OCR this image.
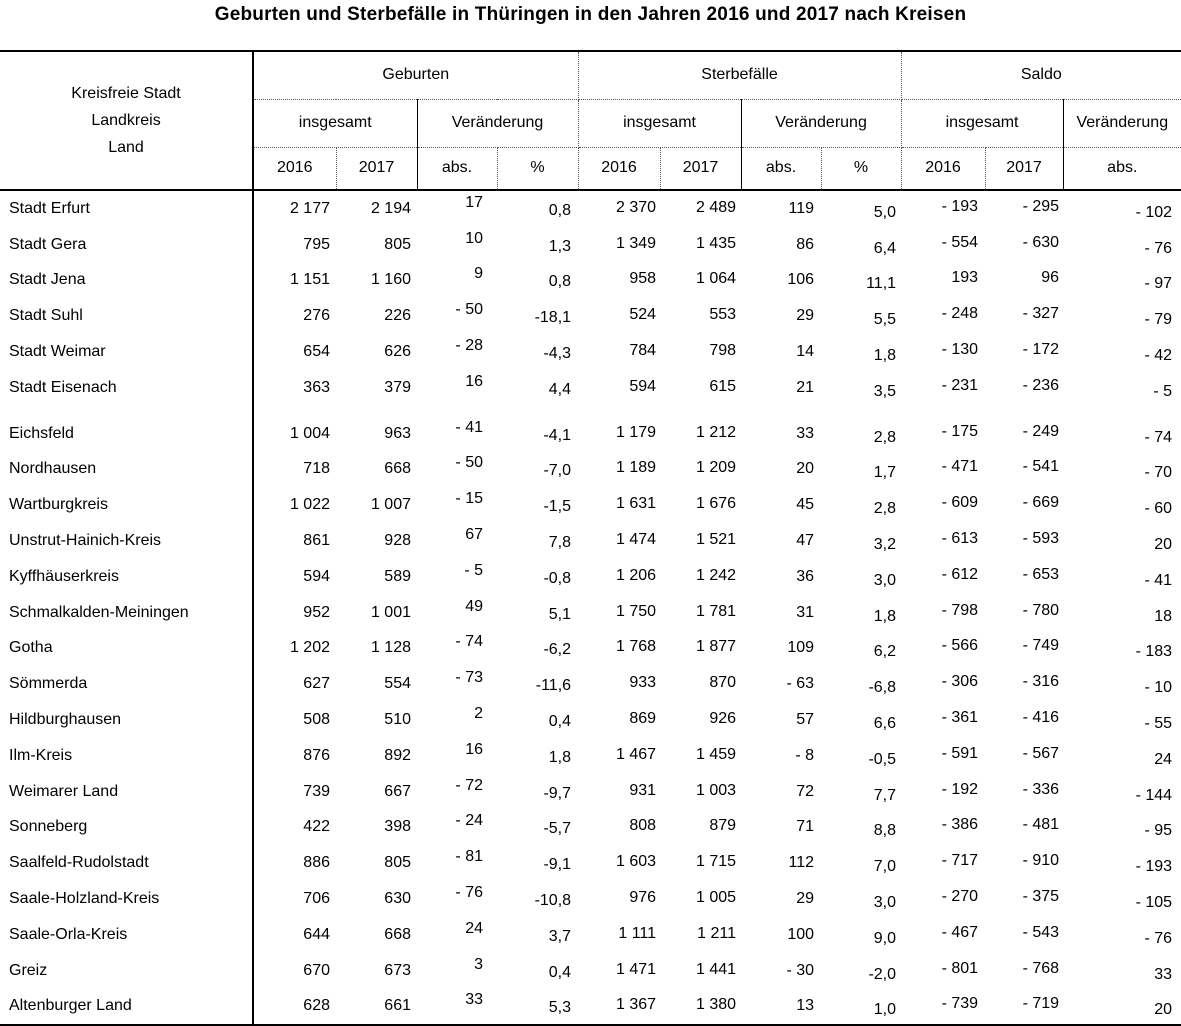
Geburten und Sterbefälle in Thüringen in den Jahren 2016 und 2017 nach Kreisen
Kreisfreie Stadt
Landkreis
Land	Geburten				Sterbefälle				Saldo		
	insgesamt		Veränderung		insgesamt		Veränderung		insgesamt		Veränderung
	2016	2017	abs.	%	2016	2017	abs.	%	2016	2017	abs.
Stadt Erfurt	2 177	2 194	17	0,8	2 370	2 489	119	5,0	- 193	- 295	- 102
Stadt Gera	795	805	10	1,3	1 349	1 435	86	6,4	- 554	- 630	- 76
Stadt Jena	1 151	1 160	9	0,8	958	1 064	106	11,1	193	96	- 97
Stadt Suhl	276	226	- 50	-18,1	524	553	29	5,5	- 248	- 327	- 79
Stadt Weimar	654	626	- 28	-4,3	784	798	14	1,8	- 130	- 172	- 42
Stadt Eisenach	363	379	16	4,4	594	615	21	3,5	- 231	- 236	- 5

Eichsfeld	1 004	963	- 41	-4,1	1 179	1 212	33	2,8	- 175	- 249	- 74
Nordhausen	718	668	- 50	-7,0	1 189	1 209	20	1,7	- 471	- 541	- 70
Wartburgkreis	1 022	1 007	- 15	-1,5	1 631	1 676	45	2,8	- 609	- 669	- 60
Unstrut-Hainich-Kreis	861	928	67	7,8	1 474	1 521	47	3,2	- 613	- 593	20
Kyffhäuserkreis	594	589	- 5	-0,8	1 206	1 242	36	3,0	- 612	- 653	- 41
Schmalkalden-Meiningen	952	1 001	49	5,1	1 750	1 781	31	1,8	- 798	- 780	18
Gotha	1 202	1 128	- 74	-6,2	1 768	1 877	109	6,2	- 566	- 749	- 183
Sömmerda	627	554	- 73	-11,6	933	870	- 63	-6,8	- 306	- 316	- 10
Hildburghausen	508	510	2	0,4	869	926	57	6,6	- 361	- 416	- 55
Ilm-Kreis	876	892	16	1,8	1 467	1 459	- 8	-0,5	- 591	- 567	24
Weimarer Land	739	667	- 72	-9,7	931	1 003	72	7,7	- 192	- 336	- 144
Sonneberg	422	398	- 24	-5,7	808	879	71	8,8	- 386	- 481	- 95
Saalfeld-Rudolstadt	886	805	- 81	-9,1	1 603	1 715	112	7,0	- 717	- 910	- 193
Saale-Holzland-Kreis	706	630	- 76	-10,8	976	1 005	29	3,0	- 270	- 375	- 105
Saale-Orla-Kreis	644	668	24	3,7	1 111	1 211	100	9,0	- 467	- 543	- 76
Greiz	670	673	3	0,4	1 471	1 441	- 30	-2,0	- 801	- 768	33
Altenburger Land	628	661	33	5,3	1 367	1 380	13	1,0	- 739	- 719	20
